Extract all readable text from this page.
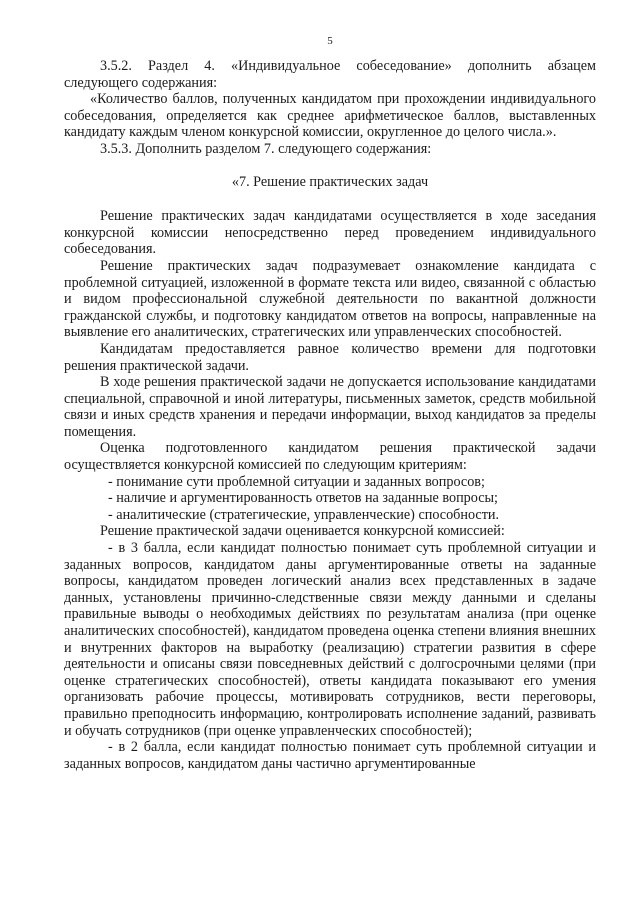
5

3.5.2. Раздел 4. «Индивидуальное собеседование» дополнить абзацем следующего содержания:

«Количество баллов, полученных кандидатом при прохождении индивидуального собеседования, определяется как среднее арифметическое баллов, выставленных кандидату каждым членом конкурсной комиссии, округленное до целого числа.».

3.5.3. Дополнить разделом 7. следующего содержания:

«7. Решение практических задач

Решение практических задач кандидатами осуществляется в ходе заседания конкурсной комиссии непосредственно перед проведением индивидуального собеседования.

Решение практических задач подразумевает ознакомление кандидата с проблемной ситуацией, изложенной в формате текста или видео, связанной с областью и видом профессиональной служебной деятельности по вакантной должности гражданской службы, и подготовку кандидатом ответов на вопросы, направленные на выявление его аналитических, стратегических или управленческих способностей.

Кандидатам предоставляется равное количество времени для подготовки решения практической задачи.

В ходе решения практической задачи не допускается использование кандидатами специальной, справочной и иной литературы, письменных заметок, средств мобильной связи и иных средств хранения и передачи информации, выход кандидатов за пределы помещения.

Оценка подготовленного кандидатом решения практической задачи осуществляется конкурсной комиссией по следующим критериям:

- понимание сути проблемной ситуации и заданных вопросов;

- наличие и аргументированность ответов на заданные вопросы;

- аналитические (стратегические, управленческие) способности.

Решение практической задачи оценивается конкурсной комиссией:

- в 3 балла, если кандидат полностью понимает суть проблемной ситуации и заданных вопросов, кандидатом даны аргументированные ответы на заданные вопросы, кандидатом проведен логический анализ всех представленных в задаче данных, установлены причинно-следственные связи между данными и сделаны правильные выводы о необходимых действиях по результатам анализа (при оценке аналитических способностей), кандидатом проведена оценка степени влияния внешних и внутренних факторов на выработку (реализацию) стратегии развития в сфере деятельности и описаны связи повседневных действий с долгосрочными целями (при оценке стратегических способностей), ответы кандидата показывают его умения организовать рабочие процессы, мотивировать сотрудников, вести переговоры, правильно преподносить информацию, контролировать исполнение заданий, развивать и обучать сотрудников (при оценке управленческих способностей);

- в 2 балла, если кандидат полностью понимает суть проблемной ситуации и заданных вопросов, кандидатом даны частично аргументированные
